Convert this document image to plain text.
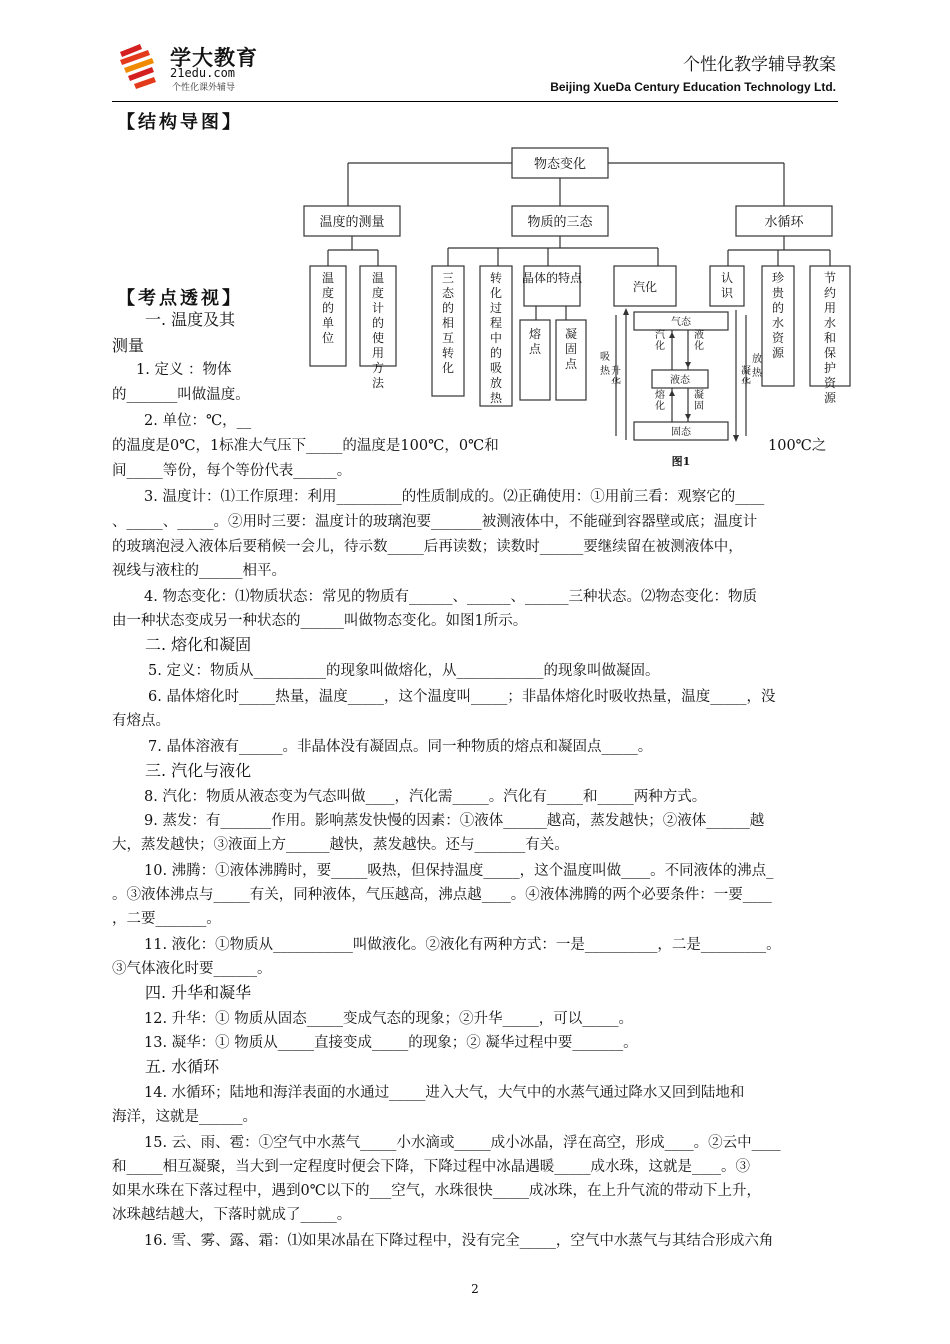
学大教育
21edu.com
个性化课外辅导
个性化教学辅导教案
Beijing XueDa Century Education Technology Ltd.
【结构导图】
【考点透视】
物态变化
温度的测量	物质的三态	水循环
汽化
晶体的特点
气态
液态
固态
图1
温度的单位
温度计的使用方法
三态的相互转化
转化过程中的吸放热
熔点
凝固点
认识
珍贵的水资源
节约用水和保护资源
汽化
液化
熔化
凝固
升华
凝华
吸热
放热
一. 温度及其
测量
1. 定义 ：物体
的_______叫做温度。
2. 单位：℃，__
的温度是0℃，1标准大气压下_____的温度是100℃，0℃和	100℃之
间_____等份，每个等份代表______。
3. 温度计：⑴工作原理：利用_________的性质制成的。⑵正确使用：①用前三看：观察它的____
、_____、_____。②用时三要：温度计的玻璃泡要_______被测液体中，不能碰到容器壁或底；温度计
的玻璃泡浸入液体后要稍候一会儿，待示数_____后再读数；读数时______要继续留在被测液体中，
视线与液柱的______相平。
4. 物态变化：⑴物质状态：常见的物质有______、______、______三种状态。⑵物态变化：物质
由一种状态变成另一种状态的______叫做物态变化。如图1所示。
二. 熔化和凝固
5. 定义：物质从__________的现象叫做熔化，从____________的现象叫做凝固。
6. 晶体熔化时_____热量，温度_____，这个温度叫_____；非晶体熔化时吸收热量，温度_____，没
有熔点。
7. 晶体溶液有______。非晶体没有凝固点。同一种物质的熔点和凝固点_____。
三. 汽化与液化
8. 汽化：物质从液态变为气态叫做____，汽化需_____。汽化有_____和_____两种方式。
9. 蒸发：有_______作用。影响蒸发快慢的因素：①液体______越高，蒸发越快；②液体______越
大，蒸发越快；③液面上方______越快，蒸发越快。还与_______有关。
10. 沸腾：①液体沸腾时，要_____吸热，但保持温度_____，这个温度叫做____。不同液体的沸点_
。③液体沸点与_____有关，同种液体，气压越高，沸点越____。④液体沸腾的两个必要条件：一要____
，二要_______。
11. 液化：①物质从___________叫做液化。②液化有两种方式：一是__________，二是_________。
③气体液化时要______。
四. 升华和凝华
12. 升华：① 物质从固态_____变成气态的现象；②升华_____，可以_____。
13. 凝华：① 物质从_____直接变成_____的现象；② 凝华过程中要_______。
五. 水循环
14. 水循环；陆地和海洋表面的水通过_____进入大气，大气中的水蒸气通过降水又回到陆地和
海洋，这就是______。
15. 云、雨、雹：①空气中水蒸气_____小水滴或_____成小冰晶，浮在高空，形成____。②云中____
和_____相互凝聚，当大到一定程度时便会下降，下降过程中冰晶遇暖_____成水珠，这就是____。③
如果水珠在下落过程中，遇到0℃以下的___空气，水珠很快_____成冰珠，在上升气流的带动下上升，
冰珠越结越大，下落时就成了_____。
16. 雪、雾、露、霜：⑴如果冰晶在下降过程中，没有完全_____，空气中水蒸气与其结合形成六角
2
